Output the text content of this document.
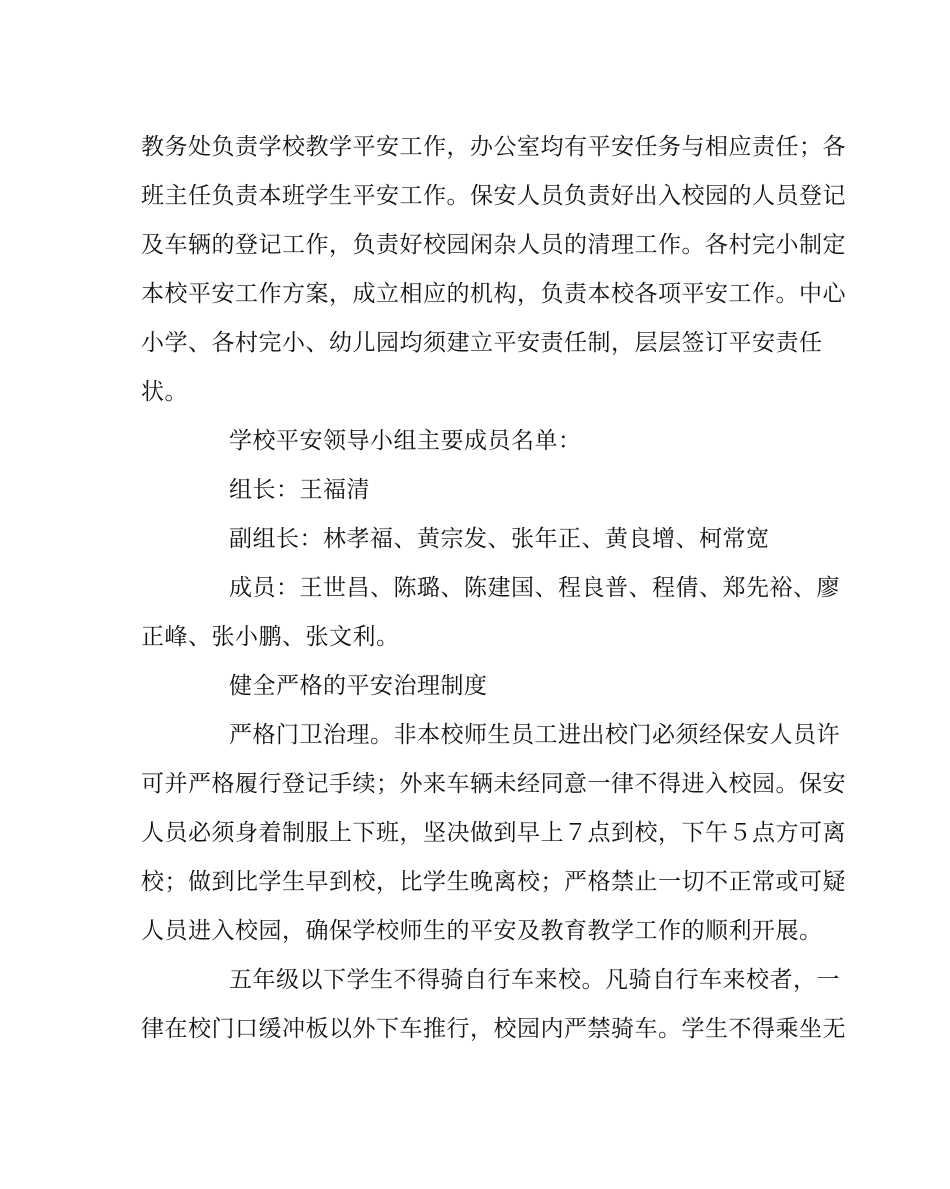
教务处负责学校教学平安工作，办公室均有平安任务与相应责任；各
班主任负责本班学生平安工作。保安人员负责好出入校园的人员登记
及车辆的登记工作，负责好校园闲杂人员的清理工作。各村完小制定
本校平安工作方案，成立相应的机构，负责本校各项平安工作。中心
小学、各村完小、幼儿园均须建立平安责任制，层层签订平安责任
状。
学校平安领导小组主要成员名单：
组长：王福清
副组长：林孝福、黄宗发、张年正、黄良增、柯常宽
成员：王世昌、陈璐、陈建国、程良普、程倩、郑先裕、廖
正峰、张小鹏、张文利。
健全严格的平安治理制度
严格门卫治理。非本校师生员工进出校门必须经保安人员许
可并严格履行登记手续；外来车辆未经同意一律不得进入校园。保安
人员必须身着制服上下班，坚决做到早上７点到校，下午５点方可离
校；做到比学生早到校，比学生晚离校；严格禁止一切不正常或可疑
人员进入校园，确保学校师生的平安及教育教学工作的顺利开展。
五年级以下学生不得骑自行车来校。凡骑自行车来校者，一
律在校门口缓冲板以外下车推行，校园内严禁骑车。学生不得乘坐无
